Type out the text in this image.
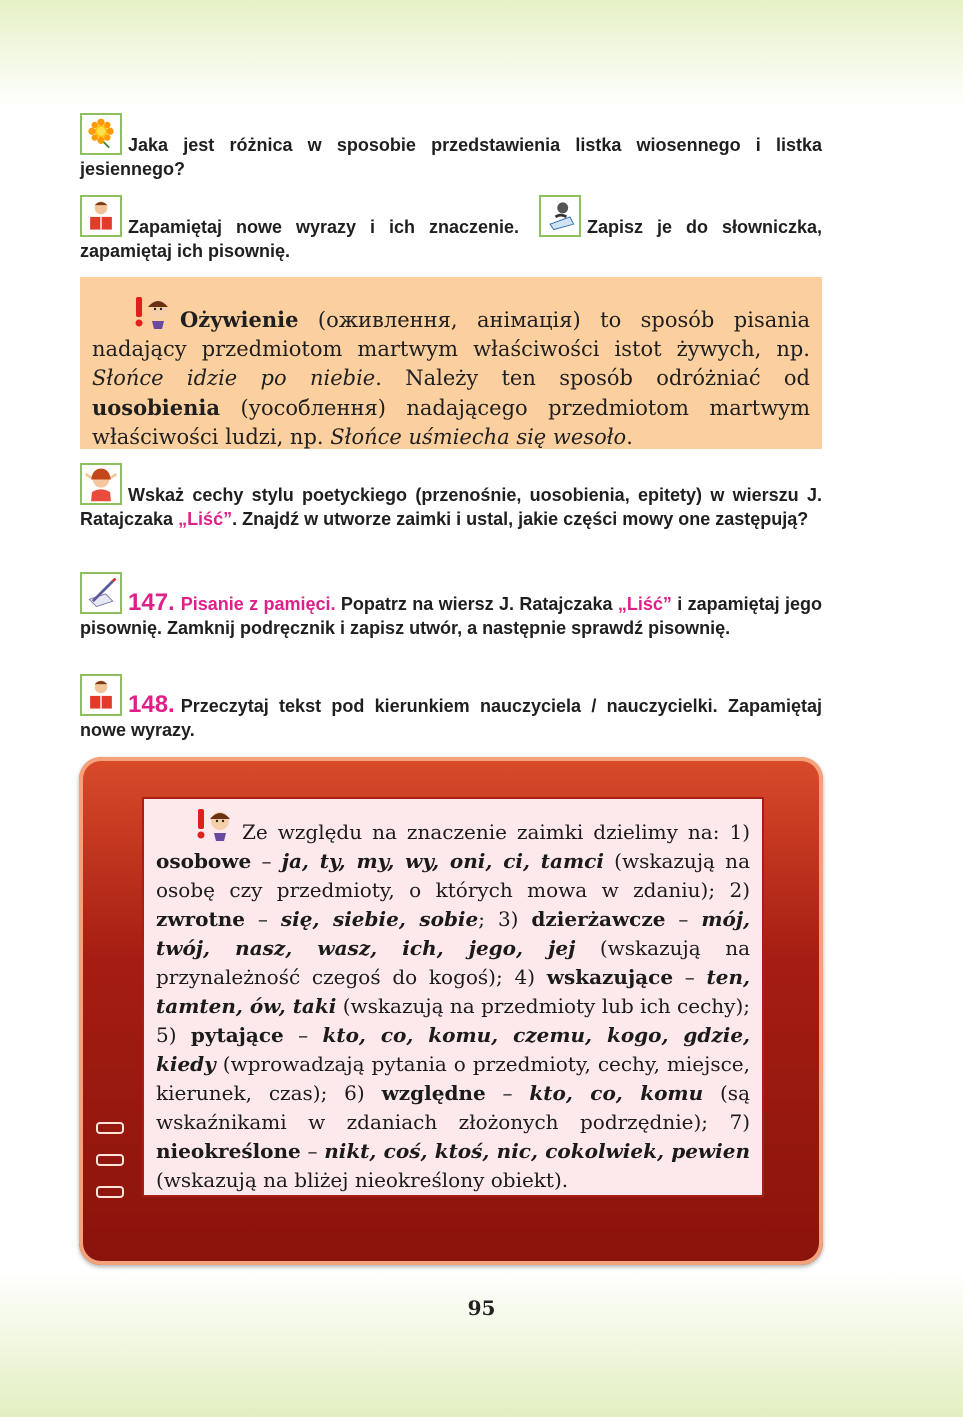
Jaka jest różnica w sposobie przedstawienia listka wiosennego i listka jesiennego?
Zapamiętaj nowe wyrazy i ich znaczenie.	Zapisz je do słowniczka, zapamiętaj ich pisownię.
Ożywienie (оживлення, анімація) to sposób pisania nadający przedmiotom martwym właściwości istot żywych, np. Słońce idzie po niebie. Należy ten sposób odróżniać od uosobienia (уособлення) nadającego przedmiotom martwym właściwości ludzi, np. Słońce uśmiecha się wesoło.
Wskaż cechy stylu poetyckiego (przenośnie, uosobienia, epitety) w wierszu J. Ratajczaka „Liść”. Znajdź w utworze zaimki i ustal, jakie części mowy one zastępują?
147. Pisanie z pamięci. Popatrz na wiersz J. Ratajczaka „Liść” i zapamiętaj jego pisownię. Zamknij podręcznik i zapisz utwór, a następnie sprawdź pisownię.
148. Przeczytaj tekst pod kierunkiem nauczyciela / nauczycielki. Zapamiętaj nowe wyrazy.
Ze względu na znaczenie zaimki dzielimy na: 1) osobowe – ja, ty, my, wy, oni, ci, tamci (wskazują na osobę czy przedmioty, o których mowa w zdaniu); 2) zwrotne – się, siebie, sobie; 3) dzierżawcze – mój, twój, nasz, wasz, ich, jego, jej (wskazują na przynależność czegoś do kogoś); 4) wskazujące – ten, tamten, ów, taki (wskazują na przedmioty lub ich cechy); 5) pytające – kto, co, komu, czemu, kogo, gdzie, kiedy (wprowadzają pytania o przedmioty, cechy, miejsce, kierunek, czas); 6) względne – kto, co, komu (są wskaźnikami w zdaniach złożonych podrzędnie); 7) nieokreślone – nikt, coś, ktoś, nic, cokolwiek, pewien (wskazują na bliżej nieokreślony obiekt).
95
